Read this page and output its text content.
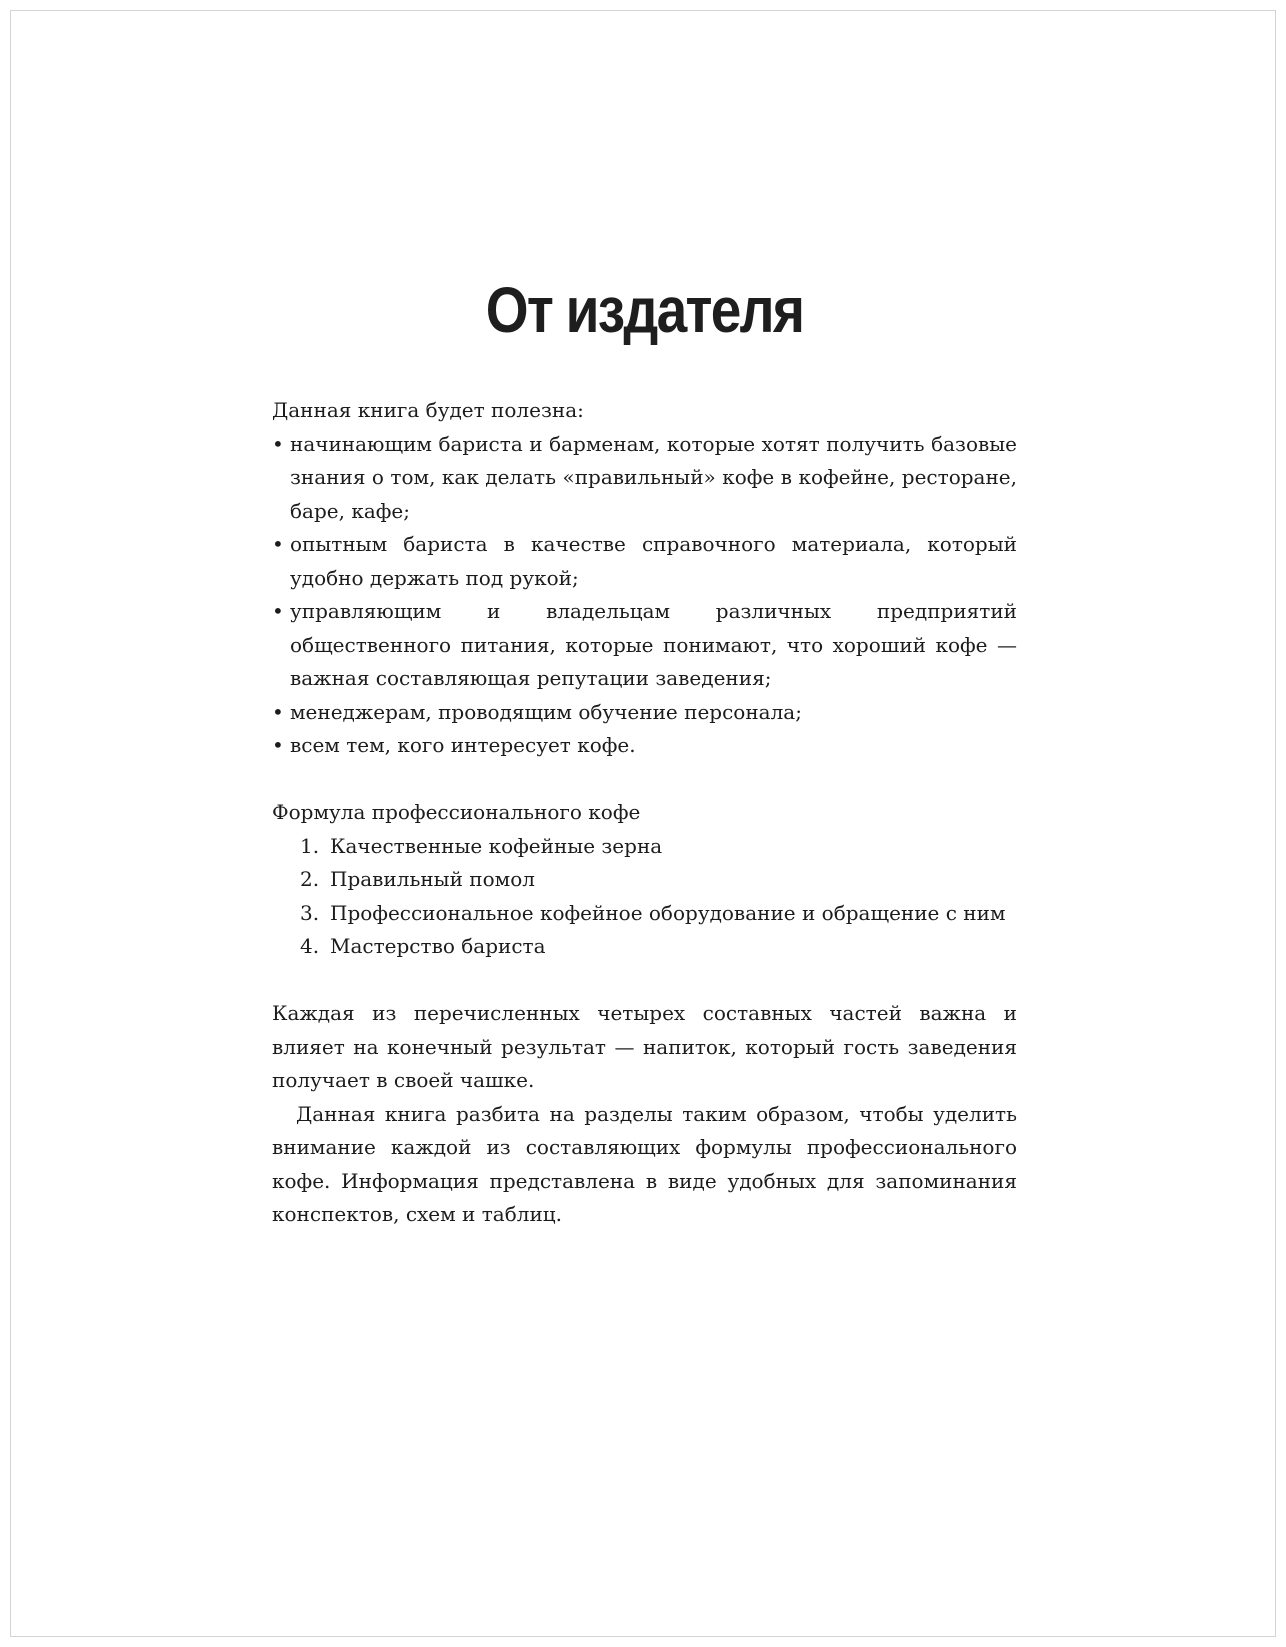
От издателя

Данная книга будет полезна:

• начинающим бариста и барменам, которые хотят получить базовые знания о том, как делать «правильный» кофе в кофейне, ресторане, баре, кафе;
• опытным бариста в качестве справочного материала, который удобно держать под рукой;
• управляющим и владельцам различных предприятий общественного питания, которые понимают, что хороший кофе — важная составляющая репутации заведения;
• менеджерам, проводящим обучение персонала;
• всем тем, кого интересует кофе.

Формула профессионального кофе

1. Качественные кофейные зерна
2. Правильный помол
3. Профессиональное кофейное оборудование и обращение с ним
4. Мастерство бариста

Каждая из перечисленных четырех составных частей важна и влияет на конечный результат — напиток, который гость заведения получает в своей чашке.

Данная книга разбита на разделы таким образом, чтобы уделить внимание каждой из составляющих формулы профессионального кофе. Информация представлена в виде удобных для запоминания конспектов, схем и таблиц.
